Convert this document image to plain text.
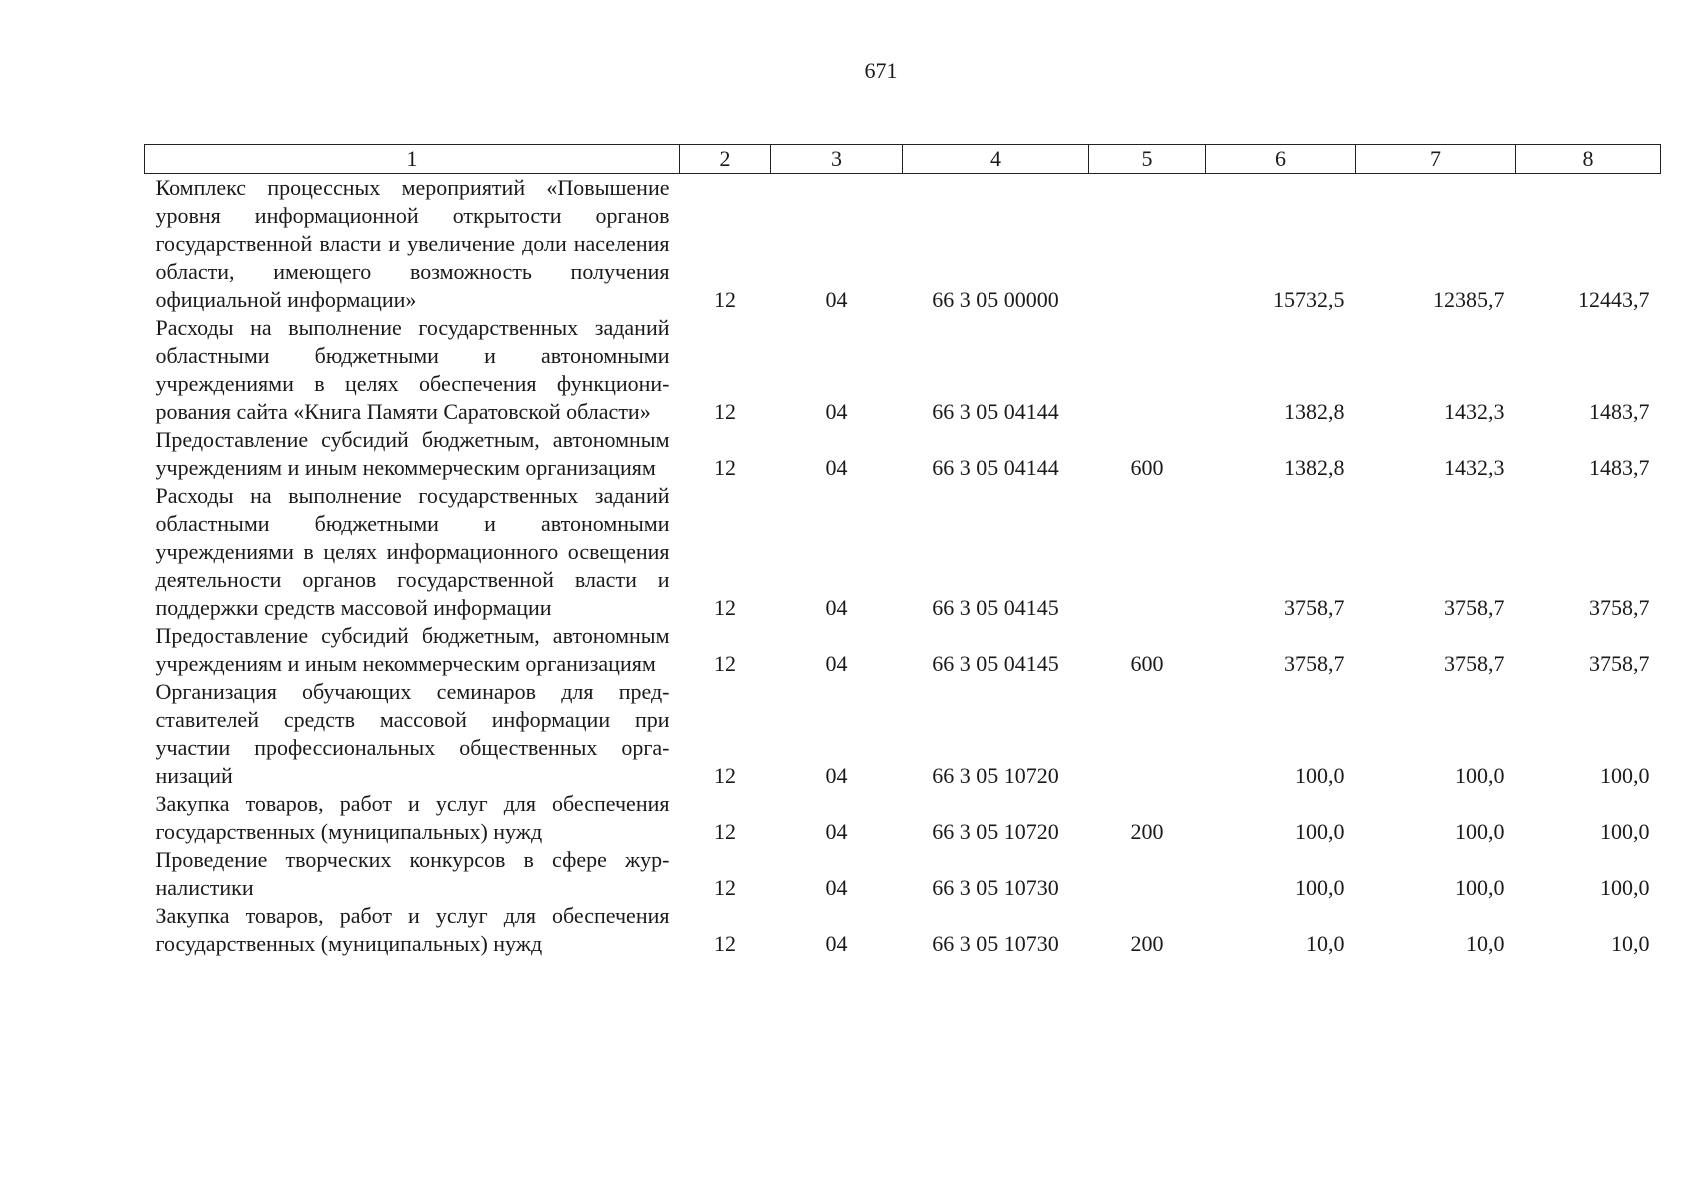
671
1	2	3	4	5	6	7	8
Комплекс процессных мероприятий «Повышение уровня информационной открытости органов государственной власти и увеличение доли населения области, имеющего возможность получения официальной информации»	12	04	66 3 05 00000		15732,5	12385,7	12443,7
Расходы на выполнение государственных заданий областными бюджетными и автономными учреждениями в целях обеспечения функционирования сайта «Книга Памяти Саратовской области»	12	04	66 3 05 04144		1382,8	1432,3	1483,7
Предоставление субсидий бюджетным, автономным учреждениям и иным некоммерческим организациям	12	04	66 3 05 04144	600	1382,8	1432,3	1483,7
Расходы на выполнение государственных заданий областными бюджетными и автономными учреждениями в целях информационного освещения деятельности органов государственной власти и поддержки средств массовой информации	12	04	66 3 05 04145		3758,7	3758,7	3758,7
Предоставление субсидий бюджетным, автономным учреждениям и иным некоммерческим организациям	12	04	66 3 05 04145	600	3758,7	3758,7	3758,7
Организация обучающих семинаров для представителей средств массовой информации при участии профессиональных общественных организаций	12	04	66 3 05 10720		100,0	100,0	100,0
Закупка товаров, работ и услуг для обеспечения государственных (муниципальных) нужд	12	04	66 3 05 10720	200	100,0	100,0	100,0
Проведение творческих конкурсов в сфере журналистики	12	04	66 3 05 10730		100,0	100,0	100,0
Закупка товаров, работ и услуг для обеспечения государственных (муниципальных) нужд	12	04	66 3 05 10730	200	10,0	10,0	10,0
